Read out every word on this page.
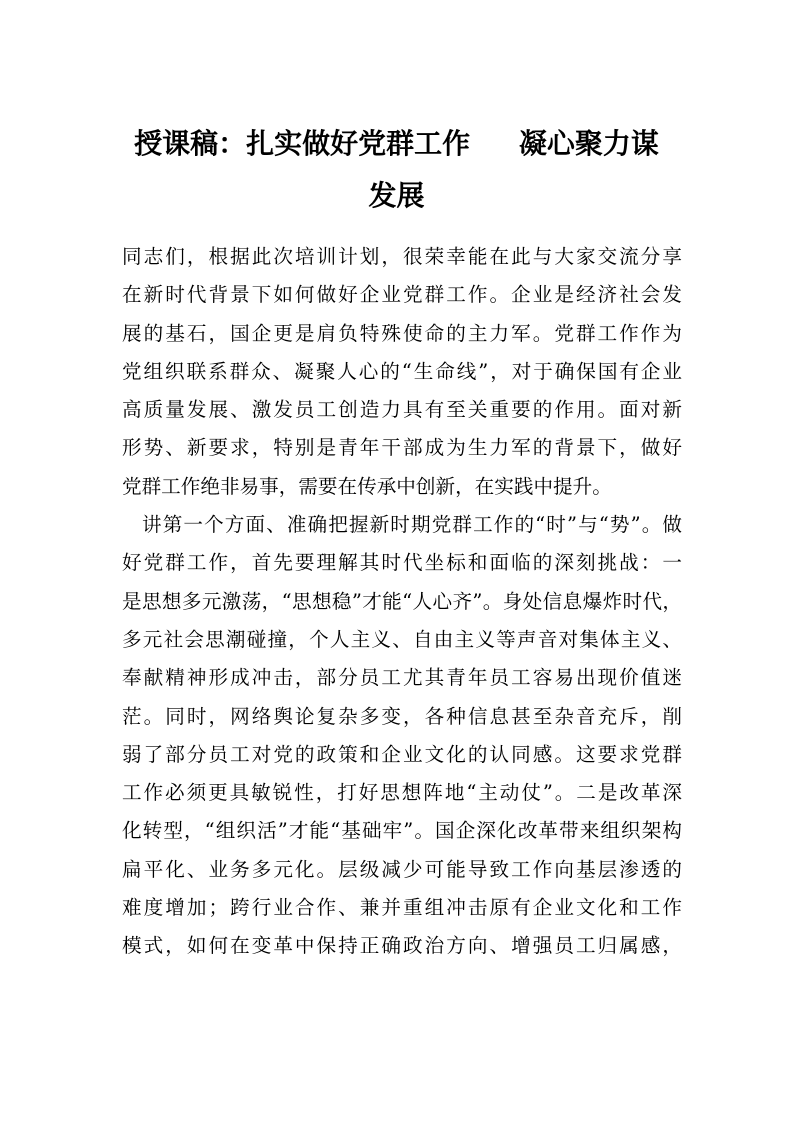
授课稿：扎实做好党群工作     凝心聚力谋
发展
同志们，根据此次培训计划，很荣幸能在此与大家交流分享
在新时代背景下如何做好企业党群工作。企业是经济社会发
展的基石，国企更是肩负特殊使命的主力军。党群工作作为
党组织联系群众、凝聚人心的“生命线”，对于确保国有企业
高质量发展、激发员工创造力具有至关重要的作用。面对新
形势、新要求，特别是青年干部成为生力军的背景下，做好
党群工作绝非易事，需要在传承中创新，在实践中提升。
讲第一个方面、准确把握新时期党群工作的“时”与“势”。做
好党群工作，首先要理解其时代坐标和面临的深刻挑战：一
是思想多元激荡，“思想稳”才能“人心齐”。身处信息爆炸时代，
多元社会思潮碰撞，个人主义、自由主义等声音对集体主义、
奉献精神形成冲击，部分员工尤其青年员工容易出现价值迷
茫。同时，网络舆论复杂多变，各种信息甚至杂音充斥，削
弱了部分员工对党的政策和企业文化的认同感。这要求党群
工作必须更具敏锐性，打好思想阵地“主动仗”。二是改革深
化转型，“组织活”才能“基础牢”。国企深化改革带来组织架构
扁平化、业务多元化。层级减少可能导致工作向基层渗透的
难度增加；跨行业合作、兼并重组冲击原有企业文化和工作
模式，如何在变革中保持正确政治方向、增强员工归属感，
